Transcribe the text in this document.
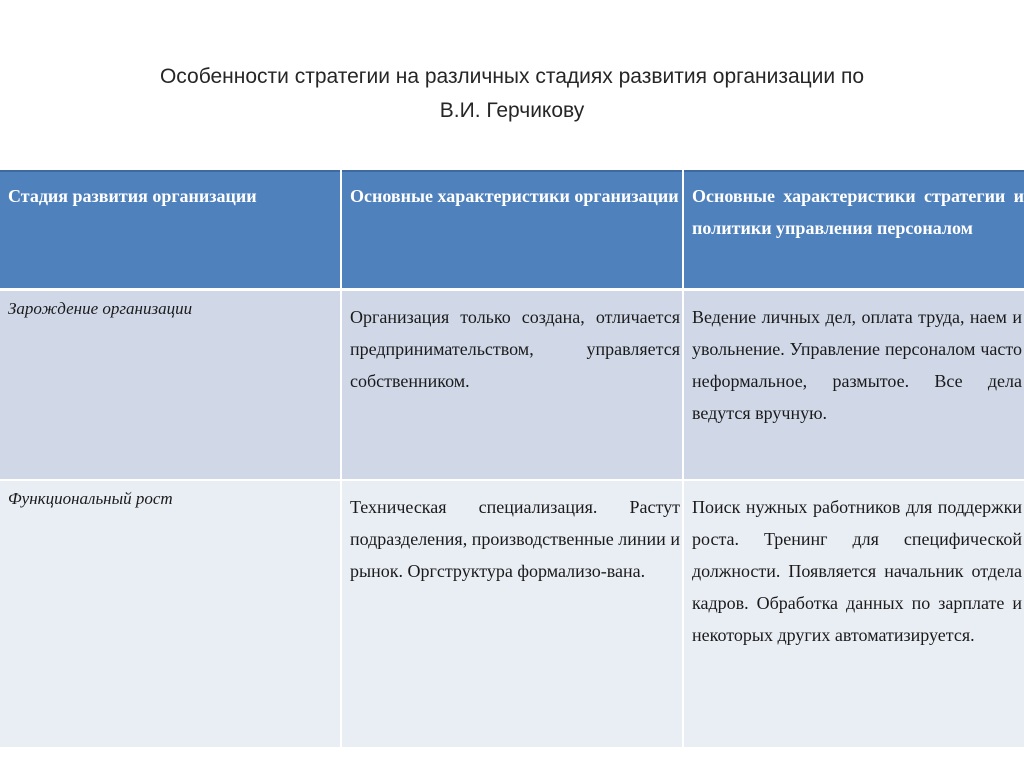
Особенности стратегии на различных стадиях развития организации по
В.И. Герчикову
Стадия развития организации	Основные характеристики организации	Основные характеристики стратегии и политики управления персоналом
Зарождение организации	Организация только создана, отличается предпринимательством, управляется собственником.	Ведение личных дел, оплата труда, наем и увольнение. Управление персоналом часто неформальное, размытое. Все дела ведутся вручную.
Функциональный рост	Техническая специализация. Растут подразделения, производственные линии и рынок. Оргструктура формализо-вана.	Поиск нужных работников для поддержки роста. Тренинг для специфической должности. Появляется начальник отдела кадров. Обработка данных по зарплате и некоторых других автоматизируется.
